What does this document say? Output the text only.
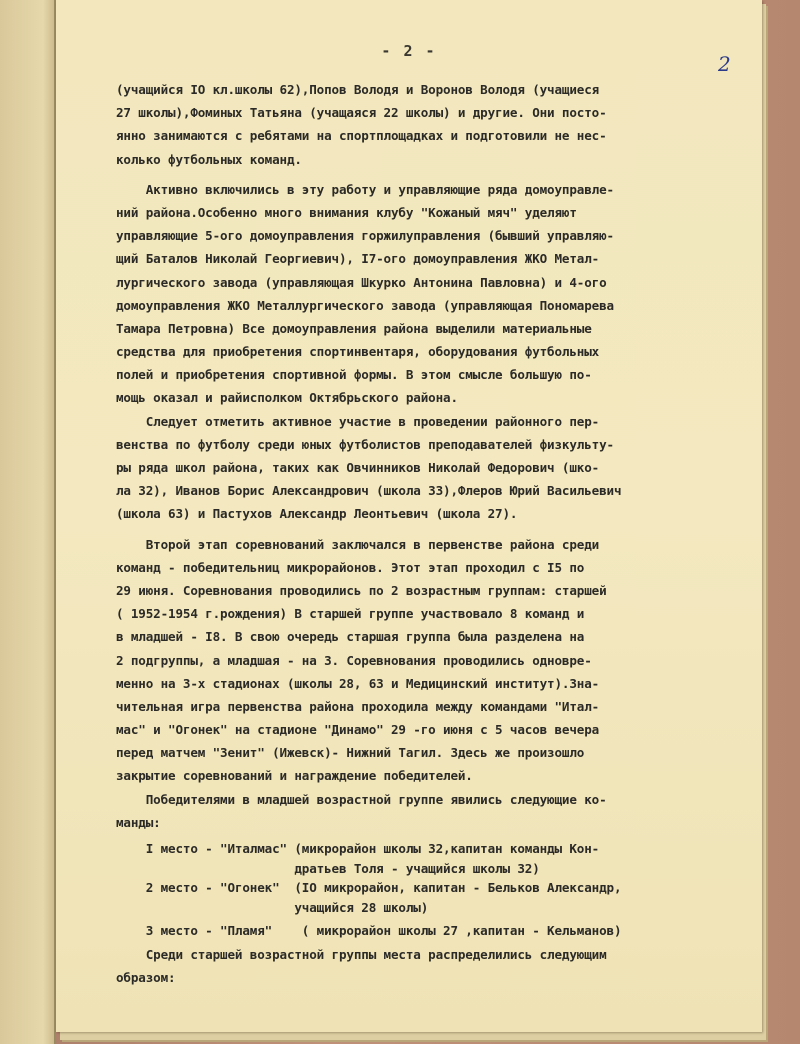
- 2 -
2
(учащийся IO кл.школы 62),Попов Володя и Воронов Володя (учащиеся
27 школы),Фоминых Татьяна (учащаяся 22 школы) и другие. Они посто-
янно занимаются с ребятами на спортплощадках и подготовили не нес-
колько футбольных команд.
Активно включились в эту работу и управляющие ряда домоуправле-
ний района.Особенно много внимания клубу "Кожаный мяч" уделяют
управляющие 5-ого домоуправления горжилуправления (бывший управляю-
щий Баталов Николай Георгиевич), I7-ого домоуправления ЖКО Метал-
лургического завода (управляющая Шкурко Антонина Павловна) и 4-ого
домоуправления ЖКО Металлургического завода (управляющая Пономарева
Тамара Петровна) Все домоуправления района выделили материальные
средства для приобретения спортинвентаря, оборудования футбольных
полей и приобретения спортивной формы. В этом смысле большую по-
мощь оказал и райисполком Октябрьского района.
Следует отметить активное участие в проведении районного пер-
венства по футболу среди юных футболистов преподавателей физкульту-
ры ряда школ района, таких как Овчинников Николай Федорович (шко-
ла 32), Иванов Борис Александрович (школа 33),Флеров Юрий Васильевич
(школа 63) и Пастухов Александр Леонтьевич (школа 27).
Второй этап соревнований заключался в первенстве района среди
команд - победительниц микрорайонов. Этот этап проходил с I5 по
29 июня. Соревнования проводились по 2 возрастным группам: старшей
( 1952-1954 г.рождения) В старшей группе участвовало 8 команд и
в младшей - I8. В свою очередь старшая группа была разделена на
2 подгруппы, а младшая - на 3. Соревнования проводились одновре-
менно на 3-х стадионах (школы 28, 63 и Медицинский институт).Зна-
чительная игра первенства района проходила между командами "Итал-
мас" и "Огонек" на стадионе "Динамо" 29 -го июня с 5 часов вечера
перед матчем "Зенит" (Ижевск)- Нижний Тагил. Здесь же произошло
закрытие соревнований и награждение победителей.
Победителями в младшей возрастной группе явились следующие ко-
манды:
I место - "Италмас" (микрорайон школы 32,капитан команды Кон-
дратьев Толя - учащийся школы 32)
2 место - "Огонек"  (IO микрорайон, капитан - Бельков Александр,
учащийся 28 школы)
3 место - "Пламя"    ( микрорайон школы 27 ,капитан - Кельманов)
Среди старшей возрастной группы места распределились следующим
образом:
